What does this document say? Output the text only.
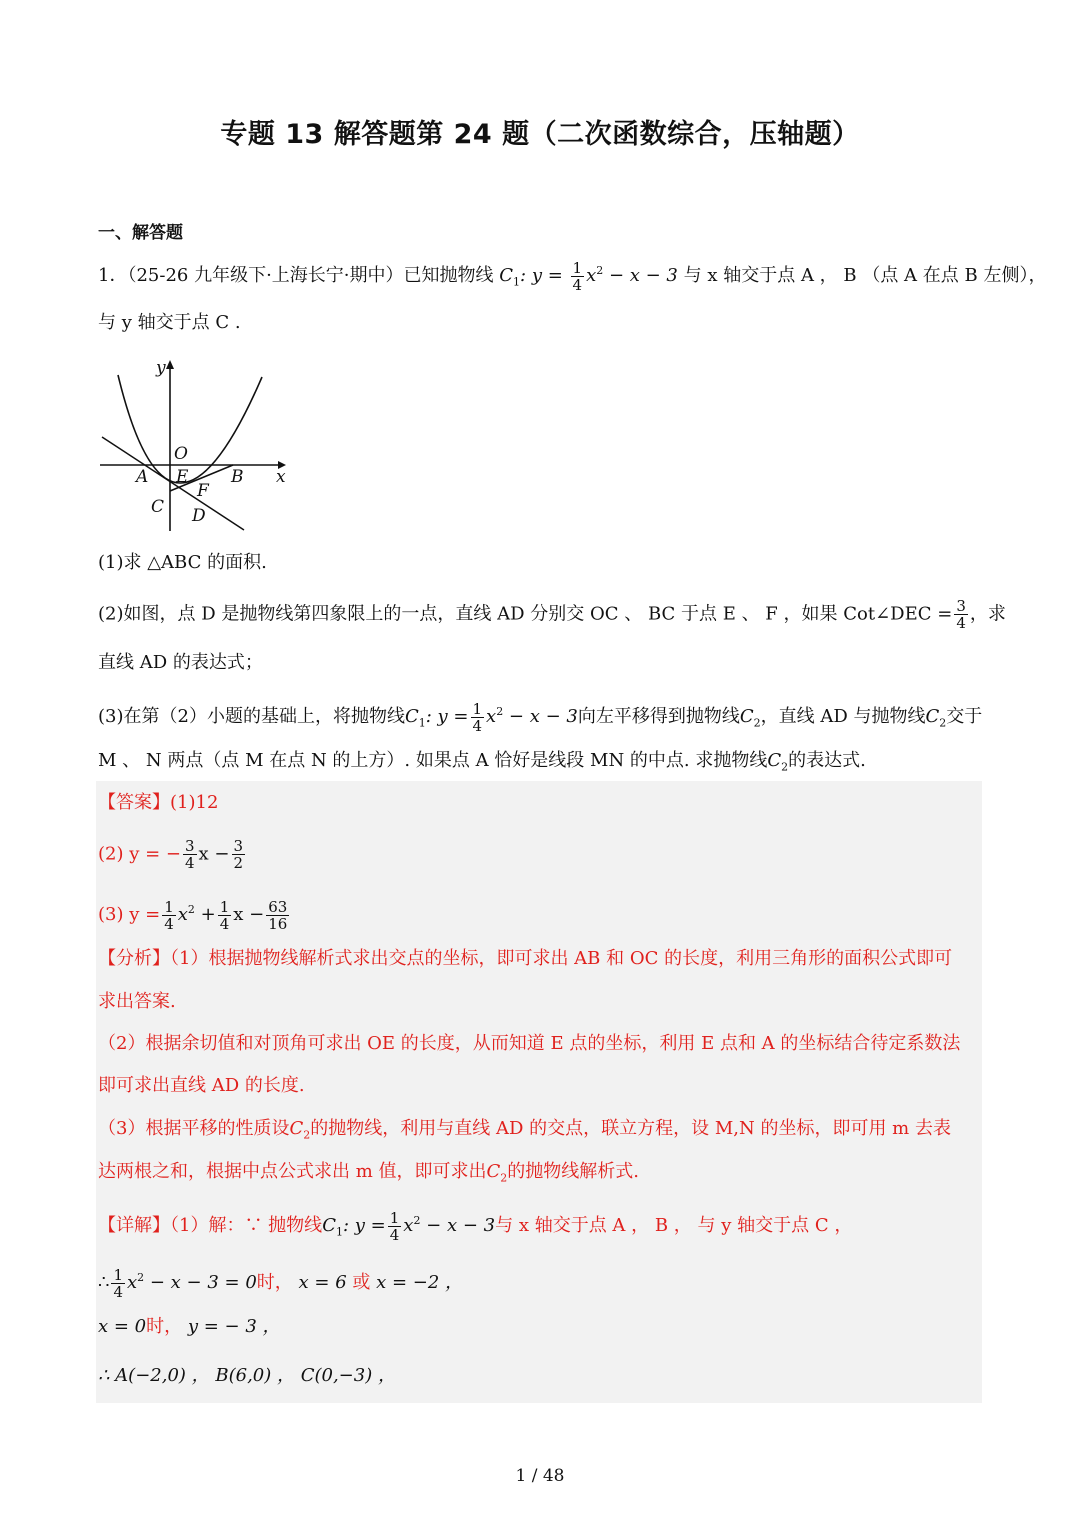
专题 13 解答题第 24 题（二次函数综合，压轴题）
一、解答题
1．（25-26 九年级下·上海长宁·期中）已知抛物线 $C_1$: $y = \frac{1}{4} x^2 - x - 3$ 与 x 轴交于点 A ， B （点 A 在点 B 左侧），
与 y 轴交于点 C .
y
x
O
A E	B
F
C D
(1)求 △ABC 的面积.
(2)如图，点 D 是抛物线第四象限上的一点，直线 AD 分别交 OC 、 BC 于点 E 、 F ，如果 Cot∠DEC = $\frac{3}{4}$ ，求
直线 AD 的表达式；
(3)在第（2）小题的基础上，将抛物线$C_1$: $y = \frac{1}{4} x^2 - x - 3$向左平移得到抛物线$C_2$，直线 AD 与抛物线$C_2$交于
M 、 N 两点（点 M 在点 N 的上方）. 如果点 A 恰好是线段 MN 的中点. 求抛物线$C_2$的表达式.
【答案】(1)12
(2) y = − $\frac{3}{4}$ $x - \frac{3}{2}$
(3) $y = \frac{1}{4} x^2 + \frac{1}{4}$ $x - \frac{63}{16}$
【分析】（1）根据抛物线解析式求出交点的坐标，即可求出 AB 和 OC 的长度，利用三角形的面积公式即可
求出答案.
（2）根据余切值和对顶角可求出 OE 的长度，从而知道 E 点的坐标，利用 E 点和 A 的坐标结合待定系数法
即可求出直线 AD 的长度.
（3）根据平移的性质设$C_2$的抛物线，利用与直线 AD 的交点，联立方程，设 M,N 的坐标，即可用 m 去表
达两根之和，根据中点公式求出 m 值，即可求出$C_2$的抛物线解析式.
【详解】（1）解：∵ 抛物线$C_1$: $y = \frac{1}{4} x^2 - x - 3$与 x 轴交于点 A ， B ， 与 y 轴交于点 C ，
∴ $\frac{1}{4} x^2 - x - 3 = 0$时， x = 6 或 x = −2 ，
x = 0时， y = − 3 ，
∴ A(−2,0) ， B(6,0) ， C(0,−3) ，
1 / 48
